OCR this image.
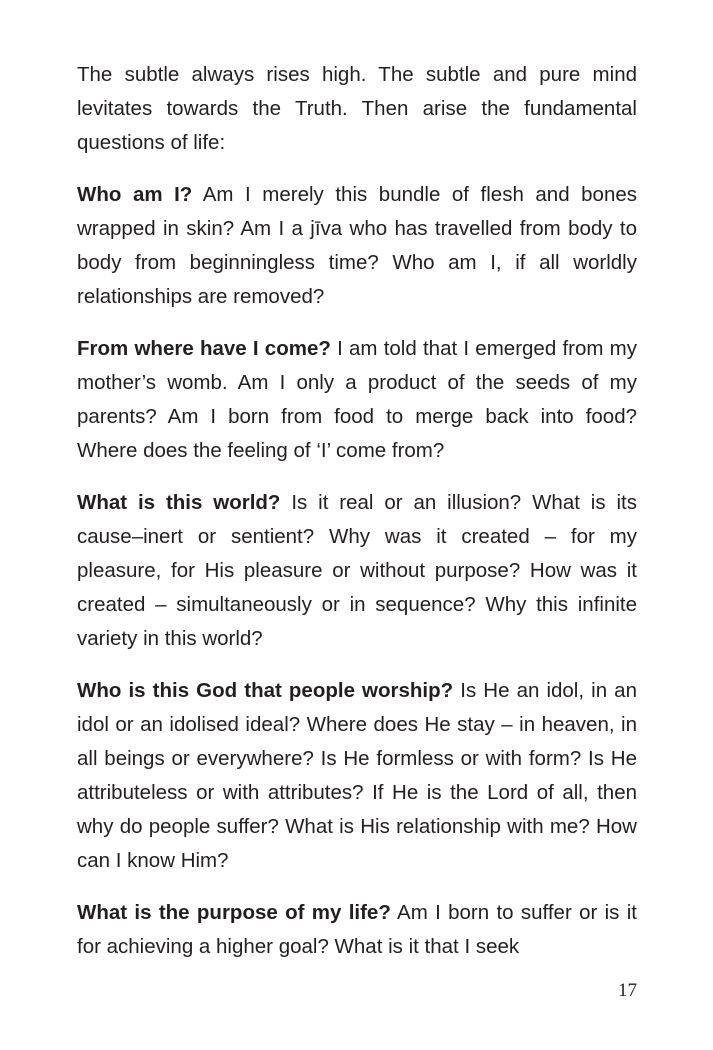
The subtle always rises high. The subtle and pure mind levitates towards the Truth. Then arise the fundamental questions of life:

Who am I? Am I merely this bundle of flesh and bones wrapped in skin? Am I a jīva who has travelled from body to body from beginningless time? Who am I, if all worldly relationships are removed?

From where have I come? I am told that I emerged from my mother’s womb. Am I only a product of the seeds of my parents? Am I born from food to merge back into food? Where does the feeling of ‘I’ come from?

What is this world? Is it real or an illusion? What is its cause–inert or sentient? Why was it created – for my pleasure, for His pleasure or without purpose? How was it created – simultaneously or in sequence? Why this infinite variety in this world?

Who is this God that people worship? Is He an idol, in an idol or an idolised ideal? Where does He stay – in heaven, in all beings or everywhere? Is He formless or with form? Is He attributeless or with attributes? If He is the Lord of all, then why do people suffer? What is His relationship with me? How can I know Him?

What is the purpose of my life? Am I born to suffer or is it for achieving a higher goal? What is it that I seek

17
